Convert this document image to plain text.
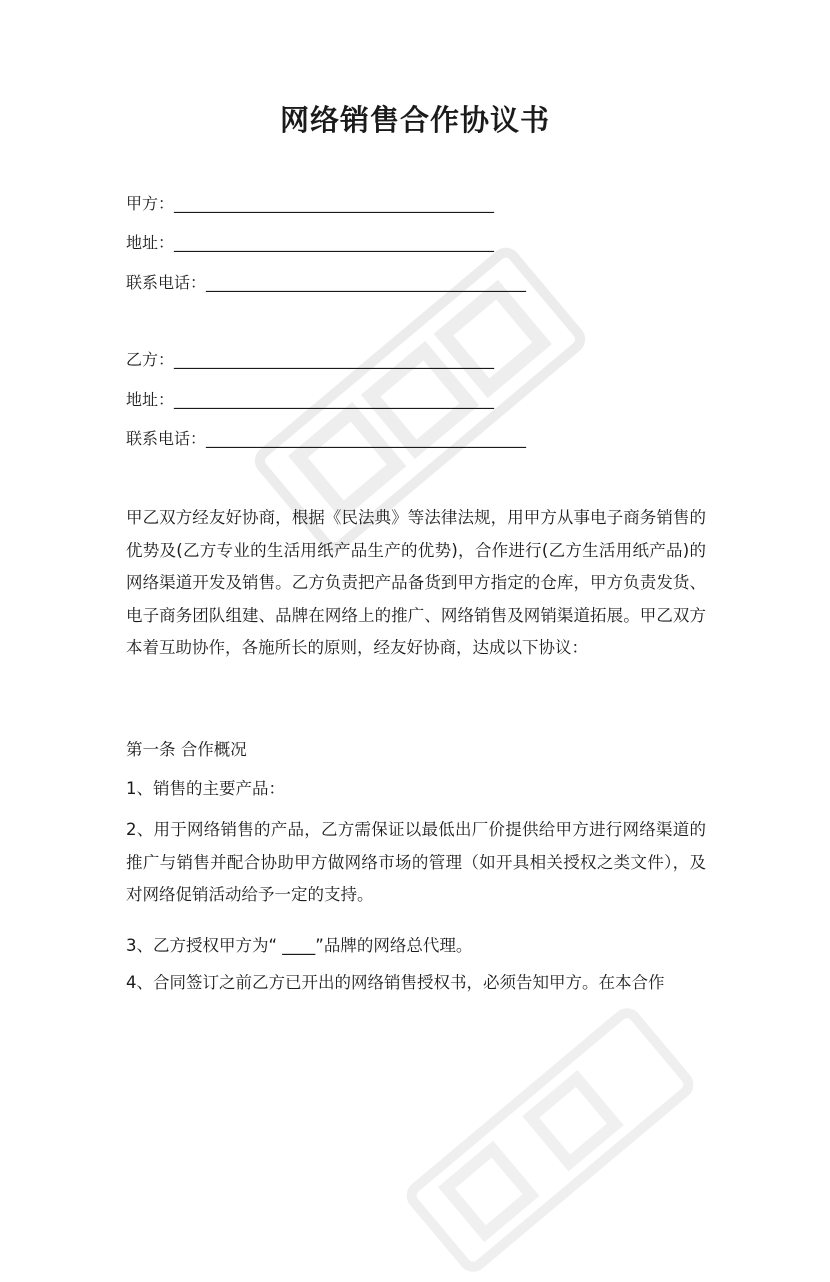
网络销售合作协议书
甲方：________________________________________
地址：________________________________________
联系电话：________________________________________
乙方：________________________________________
地址：________________________________________
联系电话：________________________________________

甲乙双方经友好协商，根据《民法典》等法律法规，用甲方从事电子商务销售的优势及(乙方专业的生活用纸产品生产的优势)，合作进行(乙方生活用纸产品)的网络渠道开发及销售。乙方负责把产品备货到甲方指定的仓库，甲方负责发货、电子商务团队组建、品牌在网络上的推广、网络销售及网销渠道拓展。甲乙双方本着互助协作，各施所长的原则，经友好协商，达成以下协议：

第一条 合作概况
1、销售的主要产品：

2、用于网络销售的产品，乙方需保证以最低出厂价提供给甲方进行网络渠道的推广与销售并配合协助甲方做网络市场的管理（如开具相关授权之类文件），及对网络促销活动给予一定的支持。

3、乙方授权甲方为“ ____”品牌的网络总代理。
4、合同签订之前乙方已开出的网络销售授权书，必须告知甲方。在本合作
